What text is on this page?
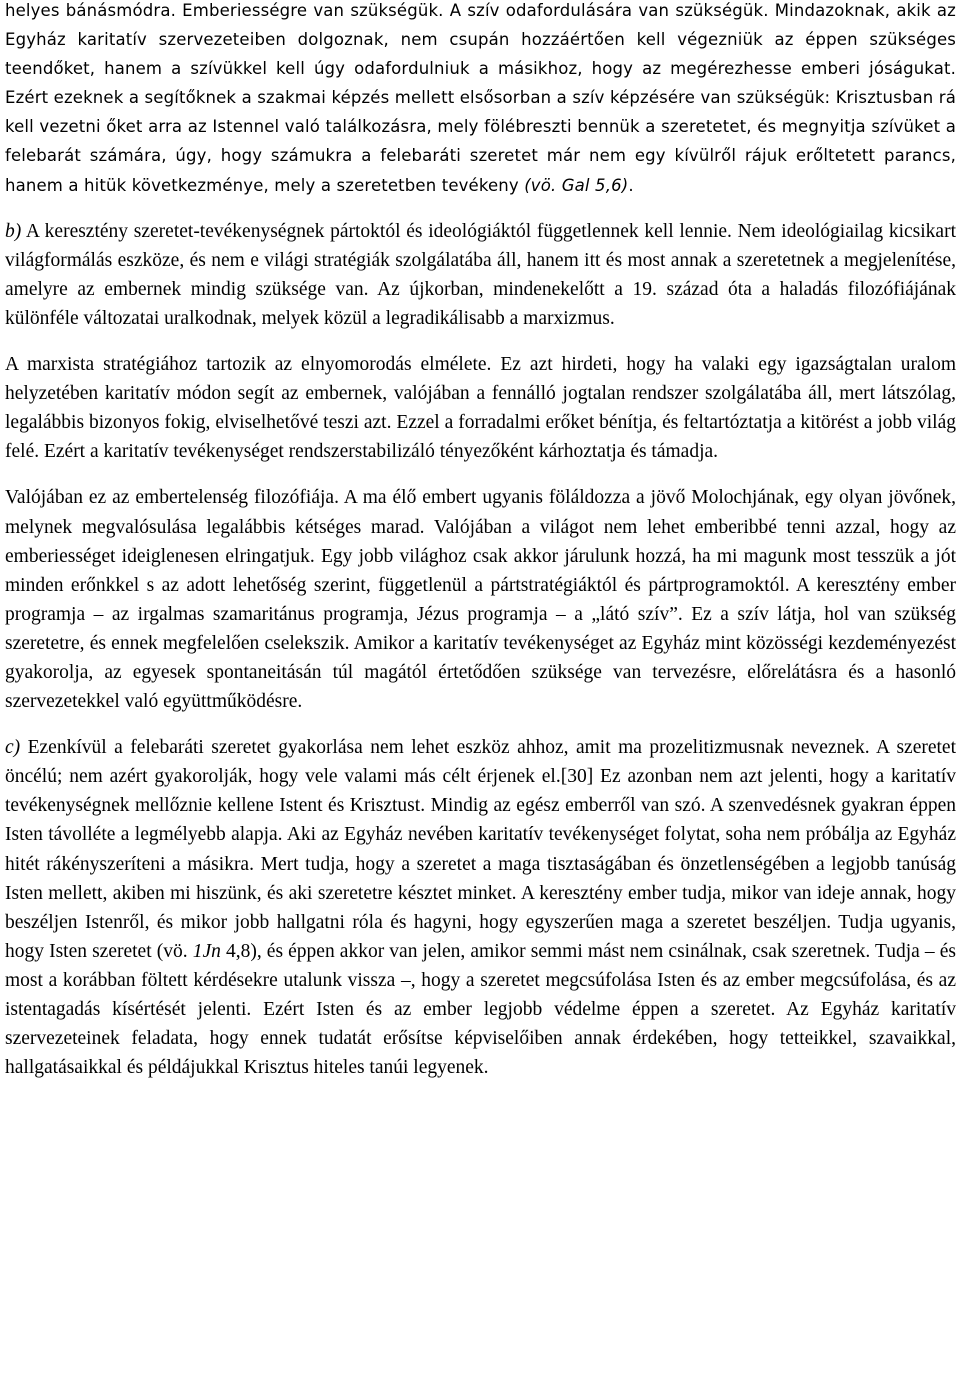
helyes bánásmódra. Emberiességre van szükségük. A szív odafordulására van szükségük. Mindazoknak, akik az Egyház karitatív szervezeteiben dolgoznak, nem csupán hozzáértően kell végezniük az éppen szükséges teendőket, hanem a szívükkel kell úgy odafordulniuk a másikhoz, hogy az megérezhesse emberi jóságukat. Ezért ezeknek a segítőknek a szakmai képzés mellett elsősorban a szív képzésére van szükségük: Krisztusban rá kell vezetni őket arra az Istennel való találkozásra, mely fölébreszti bennük a szeretetet, és megnyitja szívüket a felebarát számára, úgy, hogy számukra a felebaráti szeretet már nem egy kívülről rájuk erőltetett parancs, hanem a hitük következménye, mely a szeretetben tevékeny (vö. Gal 5,6).

b) A keresztény szeretet-tevékenységnek pártoktól és ideológiáktól függetlennek kell lennie. Nem ideológiailag kicsikart világformálás eszköze, és nem e világi stratégiák szolgálatába áll, hanem itt és most annak a szeretetnek a megjelenítése, amelyre az embernek mindig szüksége van. Az újkorban, mindenekelőtt a 19. század óta a haladás filozófiájának különféle változatai uralkodnak, melyek közül a legradikálisabb a marxizmus.

A marxista stratégiához tartozik az elnyomorodás elmélete. Ez azt hirdeti, hogy ha valaki egy igazságtalan uralom helyzetében karitatív módon segít az embernek, valójában a fennálló jogtalan rendszer szolgálatába áll, mert látszólag, legalábbis bizonyos fokig, elviselhetővé teszi azt. Ezzel a forradalmi erőket bénítja, és feltartóztatja a kitörést a jobb világ felé. Ezért a karitatív tevékenységet rendszerstabilizáló tényezőként kárhoztatja és támadja.

Valójában ez az embertelenség filozófiája. A ma élő embert ugyanis föláldozza a jövő Molochjának, egy olyan jövőnek, melynek megvalósulása legalábbis kétséges marad. Valójában a világot nem lehet emberibbé tenni azzal, hogy az emberiességet ideiglenesen elringatjuk. Egy jobb világhoz csak akkor járulunk hozzá, ha mi magunk most tesszük a jót minden erőnkkel s az adott lehetőség szerint, függetlenül a pártstratégiáktól és pártprogramoktól. A keresztény ember programja – az irgalmas szamaritánus programja, Jézus programja – a „látó szív”. Ez a szív látja, hol van szükség szeretetre, és ennek megfelelően cselekszik. Amikor a karitatív tevékenységet az Egyház mint közösségi kezdeményezést gyakorolja, az egyesek spontaneitásán túl magától értetődően szüksége van tervezésre, előrelátásra és a hasonló szervezetekkel való együttműködésre.

c) Ezenkívül a felebaráti szeretet gyakorlása nem lehet eszköz ahhoz, amit ma prozelitizmusnak neveznek. A szeretet öncélú; nem azért gyakorolják, hogy vele valami más célt érjenek el.[30] Ez azonban nem azt jelenti, hogy a karitatív tevékenységnek mellőznie kellene Istent és Krisztust. Mindig az egész emberről van szó. A szenvedésnek gyakran éppen Isten távolléte a legmélyebb alapja. Aki az Egyház nevében karitatív tevékenységet folytat, soha nem próbálja az Egyház hitét rákényszeríteni a másikra. Mert tudja, hogy a szeretet a maga tisztaságában és önzetlenségében a legjobb tanúság Isten mellett, akiben mi hiszünk, és aki szeretetre késztet minket. A keresztény ember tudja, mikor van ideje annak, hogy beszéljen Istenről, és mikor jobb hallgatni róla és hagyni, hogy egyszerűen maga a szeretet beszéljen. Tudja ugyanis, hogy Isten szeretet (vö. 1Jn 4,8), és éppen akkor van jelen, amikor semmi mást nem csinálnak, csak szeretnek. Tudja – és most a korábban föltett kérdésekre utalunk vissza –, hogy a szeretet megcsúfolása Isten és az ember megcsúfolása, és az istentagadás kísértését jelenti. Ezért Isten és az ember legjobb védelme éppen a szeretet. Az Egyház karitatív szervezeteinek feladata, hogy ennek tudatát erősítse képviselőiben annak érdekében, hogy tetteikkel, szavaikkal, hallgatásaikkal és példájukkal Krisztus hiteles tanúi legyenek.
